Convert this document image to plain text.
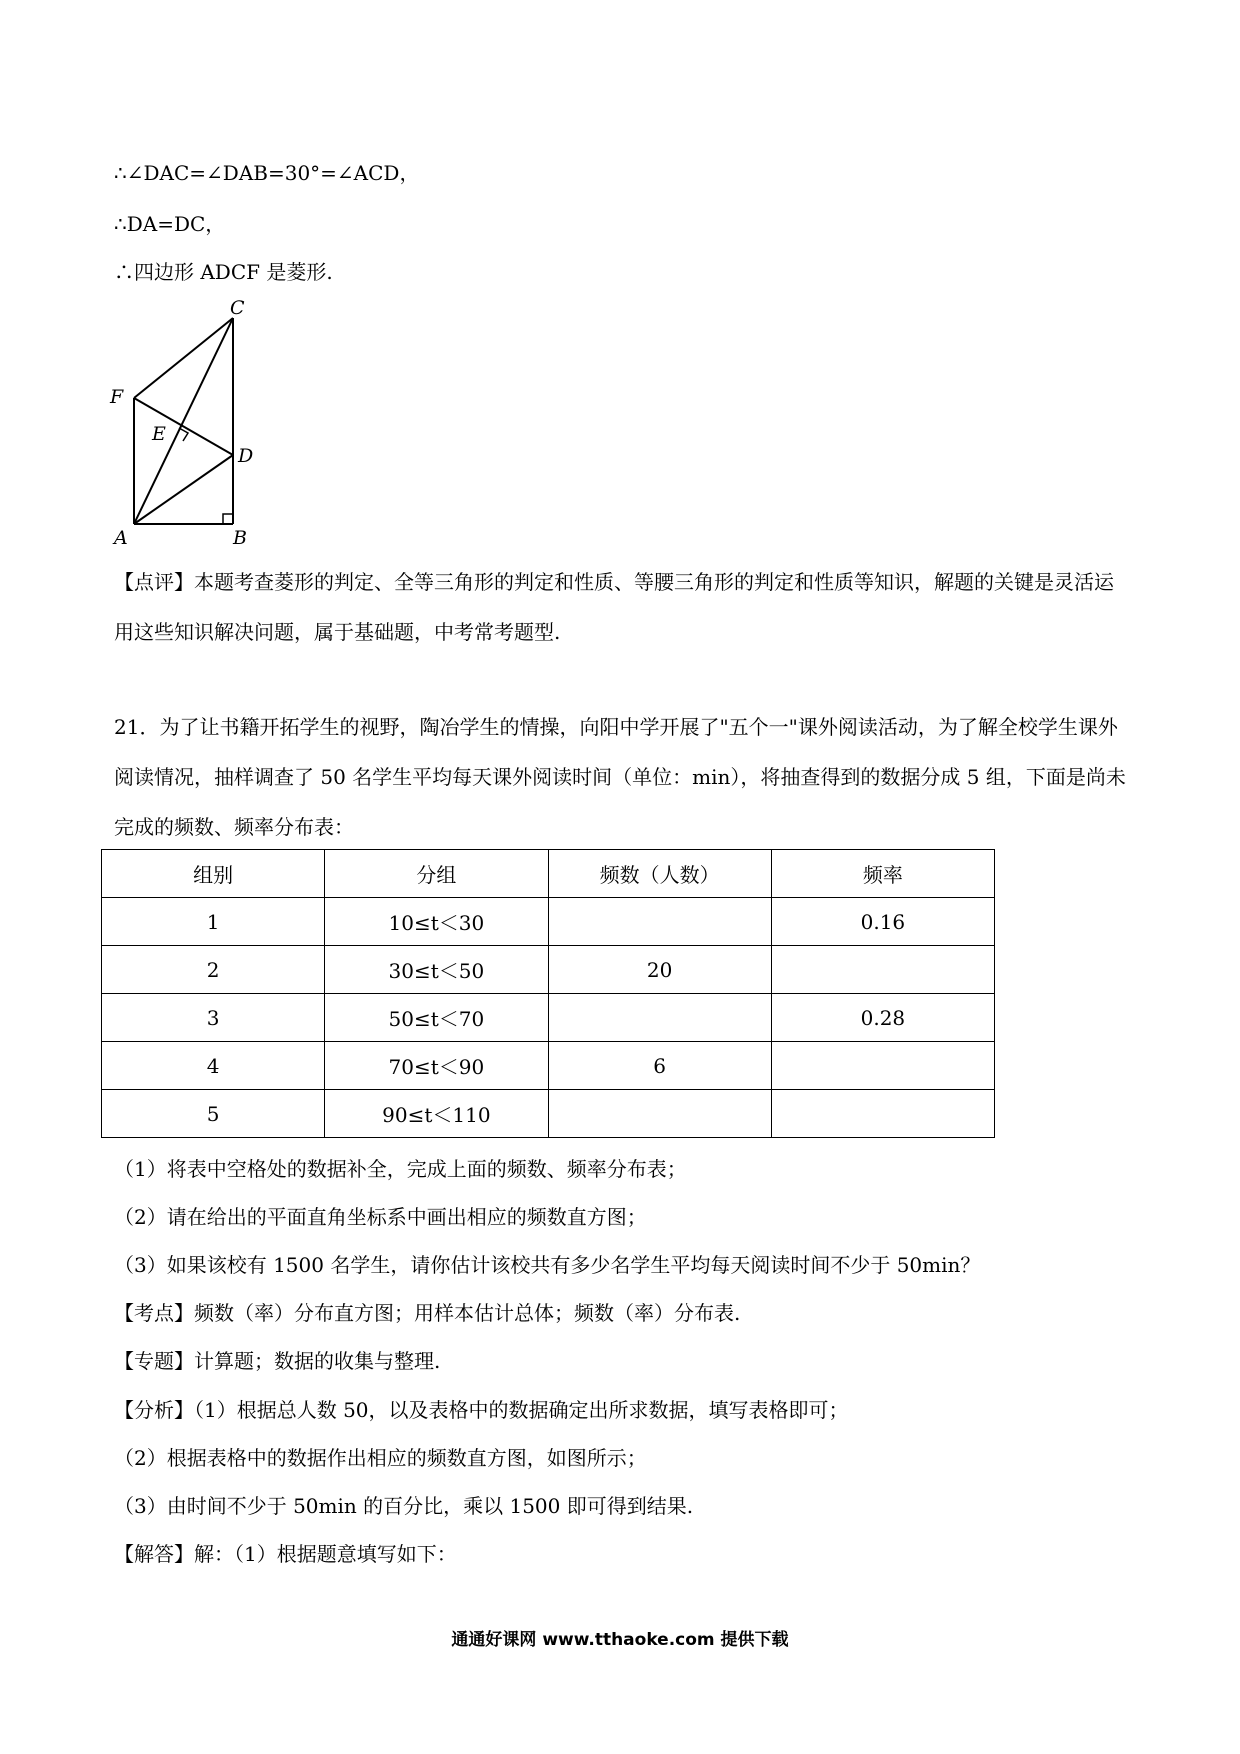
∴∠DAC=∠DAB=30°=∠ACD，
∴DA=DC，
∴四边形 ADCF 是菱形.
C
F
E
D
A	B
【点评】本题考查菱形的判定、全等三角形的判定和性质、等腰三角形的判定和性质等知识，解题的关键是灵活运用这些知识解决问题，属于基础题，中考常考题型.
21．为了让书籍开拓学生的视野，陶冶学生的情操，向阳中学开展了"五个一"课外阅读活动，为了解全校学生课外阅读情况，抽样调查了 50 名学生平均每天课外阅读时间（单位：min），将抽查得到的数据分成 5 组，下面是尚未完成的频数、频率分布表：
组别	分组	频数（人数）	频率
1	10≤t＜30		0.16
2	30≤t＜50	20	
3	50≤t＜70		0.28
4	70≤t＜90	6	
5	90≤t＜110		
（1）将表中空格处的数据补全，完成上面的频数、频率分布表；
（2）请在给出的平面直角坐标系中画出相应的频数直方图；
（3）如果该校有 1500 名学生，请你估计该校共有多少名学生平均每天阅读时间不少于 50min？
【考点】频数（率）分布直方图；用样本估计总体；频数（率）分布表.
【专题】计算题；数据的收集与整理.
【分析】（1）根据总人数 50，以及表格中的数据确定出所求数据，填写表格即可；
（2）根据表格中的数据作出相应的频数直方图，如图所示；
（3）由时间不少于 50min 的百分比，乘以 1500 即可得到结果.
【解答】解：（1）根据题意填写如下：
通通好课网 www.tthaoke.com 提供下载
